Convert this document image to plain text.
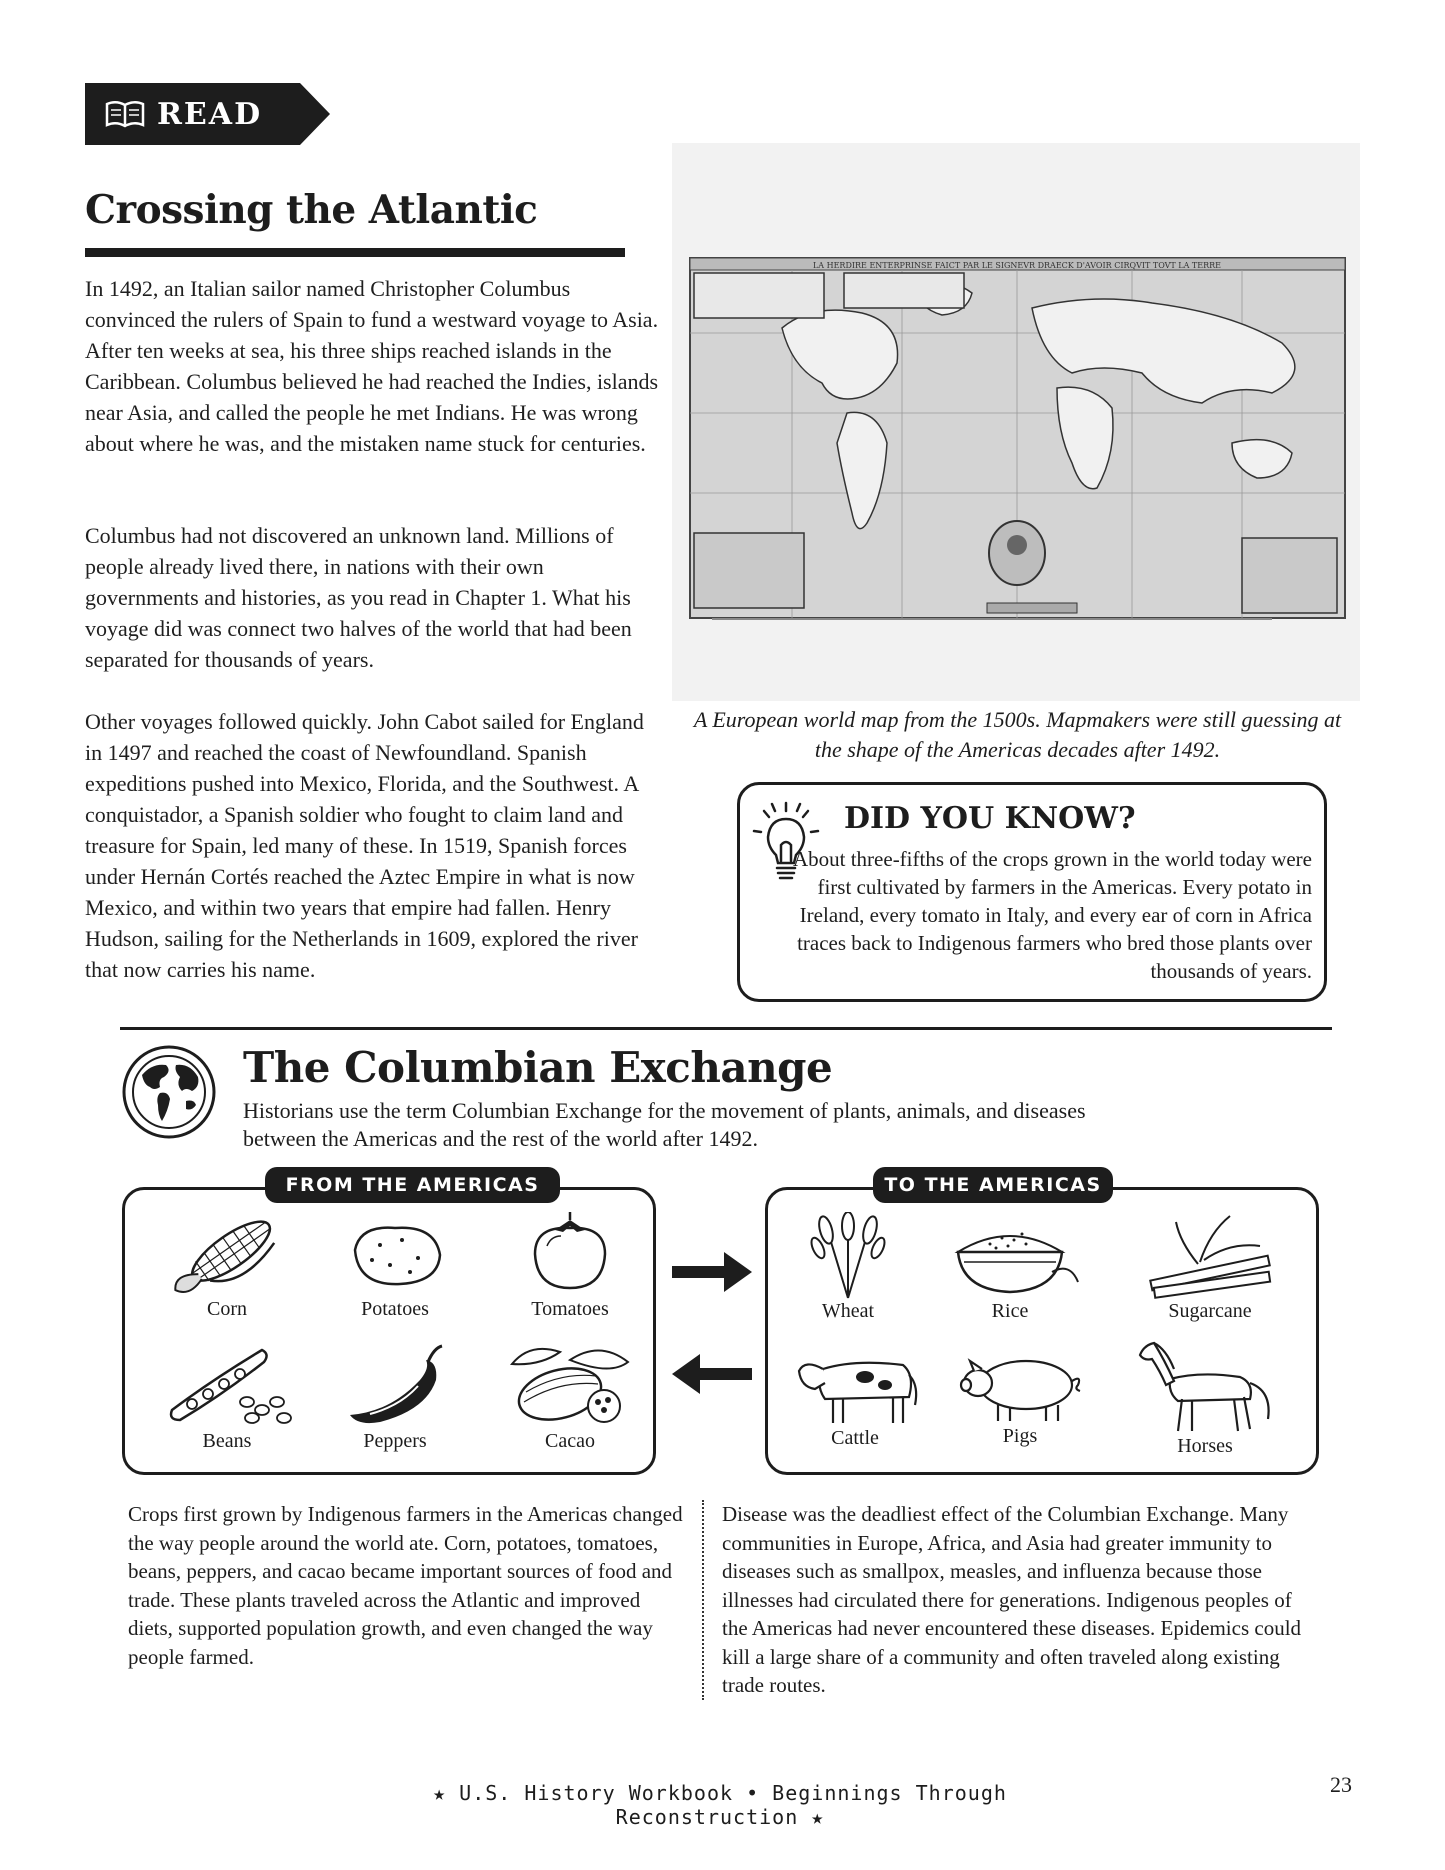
READ
Crossing the Atlantic
In 1492, an Italian sailor named Christopher Columbus convinced the rulers of Spain to fund a westward voyage to Asia. After ten weeks at sea, his three ships reached islands in the Caribbean. Columbus believed he had reached the Indies, islands near Asia, and called the people he met Indians. He was wrong about where he was, and the mistaken name stuck for centuries.
Columbus had not discovered an unknown land. Millions of people already lived there, in nations with their own governments and histories, as you read in Chapter 1. What his voyage did was connect two halves of the world that had been separated for thousands of years.
Other voyages followed quickly. John Cabot sailed for England in 1497 and reached the coast of Newfoundland. Spanish expeditions pushed into Mexico, Florida, and the Southwest. A conquistador, a Spanish soldier who fought to claim land and treasure for Spain, led many of these. In 1519, Spanish forces under Hernán Cortés reached the Aztec Empire in what is now Mexico, and within two years that empire had fallen. Henry Hudson, sailing for the Netherlands in 1609, explored the river that now carries his name.
LA HERDIRE ENTERPRINSE FAICT PAR LE SIGNEVR DRAECK D'AVOIR CIRQVIT TOVT LA TERRE
A European world map from the 1500s. Mapmakers were still guessing at the shape of the Americas decades after 1492.
DID YOU KNOW?
About three-fifths of the crops grown in the world today were first cultivated by farmers in the Americas. Every potato in Ireland, every tomato in Italy, and every ear of corn in Africa traces back to Indigenous farmers who bred those plants over thousands of years.
The Columbian Exchange
Historians use the term Columbian Exchange for the movement of plants, animals, and diseases between the Americas and the rest of the world after 1492.
FROM THE AMERICAS
Corn	Potatoes	Tomatoes
Beans	Peppers	Cacao
TO THE AMERICAS
Wheat	Rice	Sugarcane
Cattle	Pigs	Horses
Crops first grown by Indigenous farmers in the Americas changed the way people around the world ate. Corn, potatoes, tomatoes, beans, peppers, and cacao became important sources of food and trade. These plants traveled across the Atlantic and improved diets, supported population growth, and even changed the way people farmed.
Disease was the deadliest effect of the Columbian Exchange. Many communities in Europe, Africa, and Asia had greater immunity to diseases such as smallpox, measles, and influenza because those illnesses had circulated there for generations. Indigenous peoples of the Americas had never encountered these diseases. Epidemics could kill a large share of a community and often traveled along existing trade routes.
★ U.S. History Workbook • Beginnings Through Reconstruction ★
23
